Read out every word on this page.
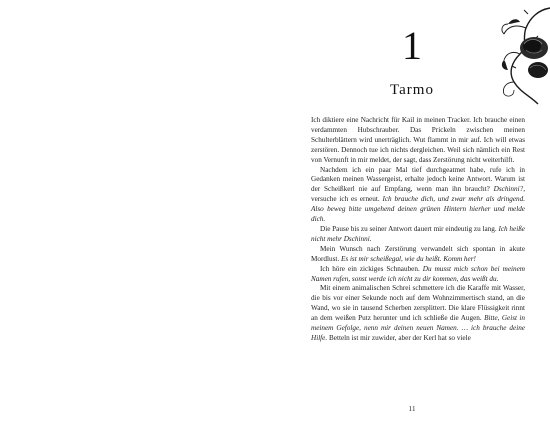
1
Tarmo

Ich diktiere eine Nachricht für Kail in meinen Tracker. Ich brauche einen verdammten Hubschrauber. Das Prickeln zwischen meinen Schulterblättern wird unerträglich. Wut flammt in mir auf. Ich will etwas zerstören. Dennoch tue ich nichts dergleichen. Weil sich nämlich ein Rest von Vernunft in mir meldet, der sagt, dass Zerstörung nicht weiterhilft.

Nachdem ich ein paar Mal tief durchgeatmet habe, rufe ich in Gedanken meinen Wassergeist, erhalte jedoch keine Antwort. Warum ist der Scheißkerl nie auf Empfang, wenn man ihn braucht? Dschinni?, versuche ich es erneut. Ich brauche dich, und zwar mehr als dringend. Also beweg bitte umgehend deinen grünen Hintern hierher und melde dich.

Die Pause bis zu seiner Antwort dauert mir eindeutig zu lang. Ich heiße nicht mehr Dschinni.

Mein Wunsch nach Zerstörung verwandelt sich spontan in akute Mordlust. Es ist mir scheißegal, wie du heißt. Komm her!

Ich höre ein zickiges Schnauben. Du musst mich schon bei meinem Namen rufen, sonst werde ich nicht zu dir kommen, das weißt du.

Mit einem animalischen Schrei schmettere ich die Karaffe mit Wasser, die bis vor einer Sekunde noch auf dem Wohnzimmertisch stand, an die Wand, wo sie in tausend Scherben zersplittert. Die klare Flüssigkeit rinnt an dem weißen Putz herunter und ich schließe die Augen. Bitte, Geist in meinem Gefolge, nenn mir deinen neuen Namen. … ich brauche deine Hilfe. Betteln ist mir zuwider, aber der Kerl hat so viele

11
